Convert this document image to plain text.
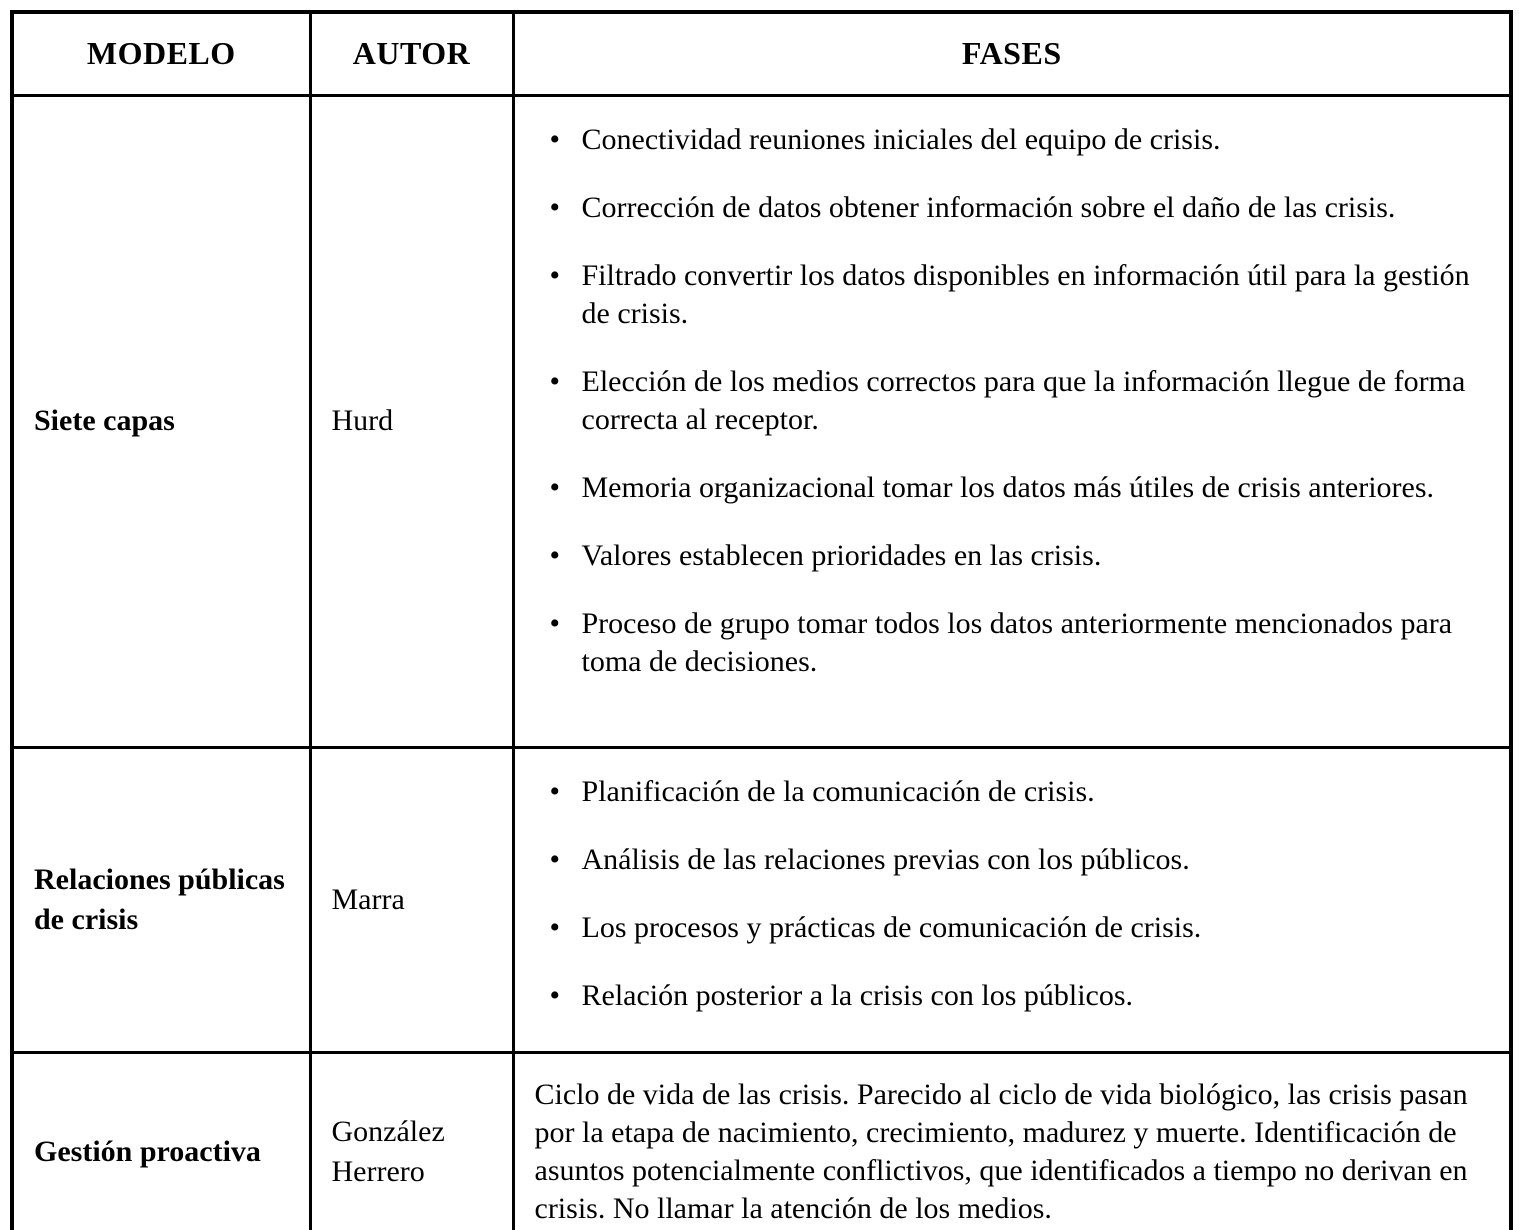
MODELO	AUTOR	FASES
Siete capas	Hurd	
• Conectividad reuniones iniciales del equipo de crisis.
• Corrección de datos obtener información sobre el daño de las crisis.
• Filtrado convertir los datos disponibles en información útil para la gestión de crisis.
• Elección de los medios correctos para que la información llegue de forma correcta al receptor.
• Memoria organizacional tomar los datos más útiles de crisis anteriores.
• Valores establecen prioridades en las crisis.
• Proceso de grupo tomar todos los datos anteriormente mencionados para toma de decisiones.

Relaciones públicas de crisis	Marra	
• Planificación de la comunicación de crisis.
• Análisis de las relaciones previas con los públicos.
• Los procesos y prácticas de comunicación de crisis.
• Relación posterior a la crisis con los públicos.

Gestión proactiva	González Herrero	Ciclo de vida de las crisis. Parecido al ciclo de vida biológico, las crisis pasan por la etapa de nacimiento, crecimiento, madurez y muerte. Identificación de asuntos potencialmente conflictivos, que identificados a tiempo no derivan en crisis. No llamar la atención de los medios.
